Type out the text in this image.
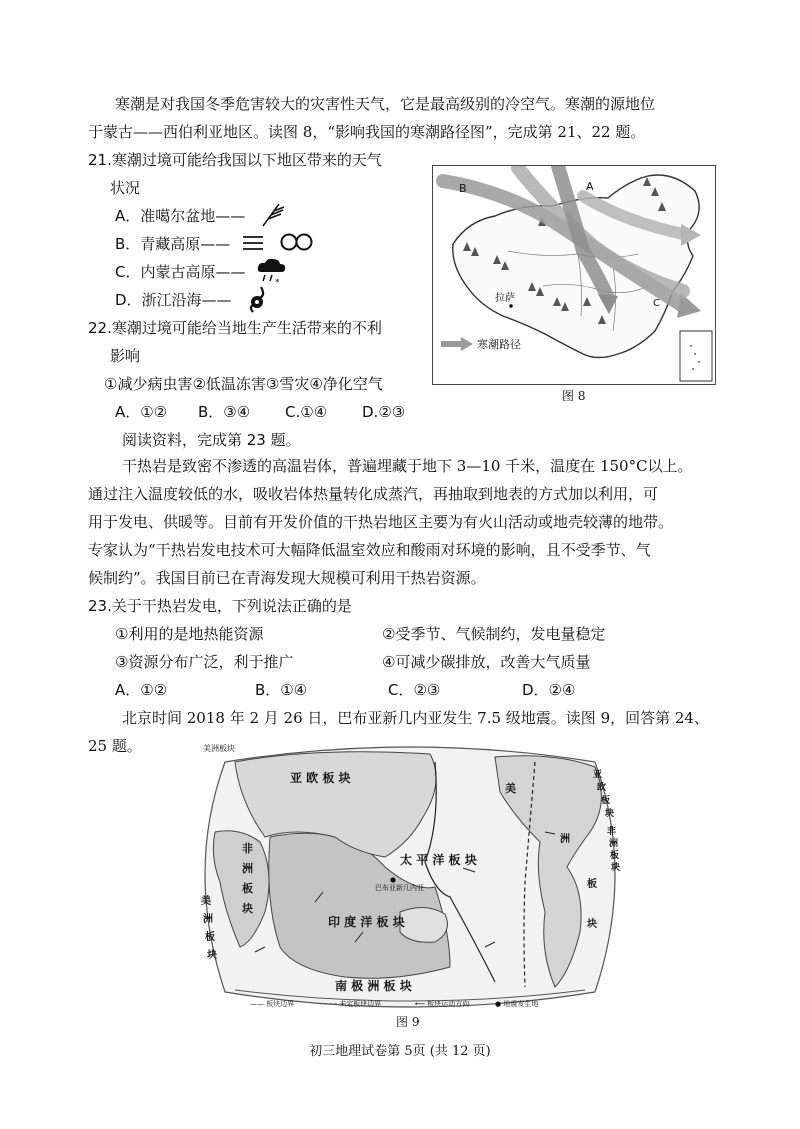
寒潮是对我国冬季危害较大的灾害性天气，它是最高级别的冷空气。寒潮的源地位
于蒙古——西伯利亚地区。读图 8，“影响我国的寒潮路径图”，完成第 21、22 题。
21.寒潮过境可能给我国以下地区带来的天气
状况
A．准噶尔盆地——
B．青藏高原——
C．内蒙古高原——
*
D．浙江沿海——
22.寒潮过境可能给当地生产生活带来的不利
影响
①减少病虫害②低温冻害③雪灾④净化空气
A．①② B．③④ C.①④ D.②③
B	A
C
拉萨
寒潮路径
图 8
阅读资料，完成第 23 题。
干热岩是致密不渗透的高温岩体，普遍埋藏于地下 3—10 千米，温度在 150°C以上。
通过注入温度较低的水，吸收岩体热量转化成蒸汽，再抽取到地表的方式加以利用，可
用于发电、供暖等。目前有开发价值的干热岩地区主要为有火山活动或地壳较薄的地带。
专家认为“干热岩发电技术可大幅降低温室效应和酸雨对环境的影响，且不受季节、气
候制约”。我国目前已在青海发现大规模可利用干热岩资源。
23.关于干热岩发电，下列说法正确的是
①利用的是地热能资源	②受季节、气候制约，发电量稳定
③资源分布广泛，利于推广	④可减少碳排放，改善大气质量
A．①②	B．①④	C．②③	D．②④
北京时间 2018 年 2 月 26 日，巴布亚新几内亚发生 7.5 级地震。读图 9，回答第 24、
25 题。	美洲板块
亚 欧 板 块
太 平 洋 板 块
印 度 洋 板 块
南 极 洲 板 块
巴布亚新几内亚
美
非
洲
板
块
美
洲
板
块
洲
板
块
亚
欧
板
块
非
洲
板
块
—— 板块边界	- - - 未定板块边界	⟵ 板块运动方向	● 地震发生地
图 9
初三地理试卷第 5页 (共 12 页)
